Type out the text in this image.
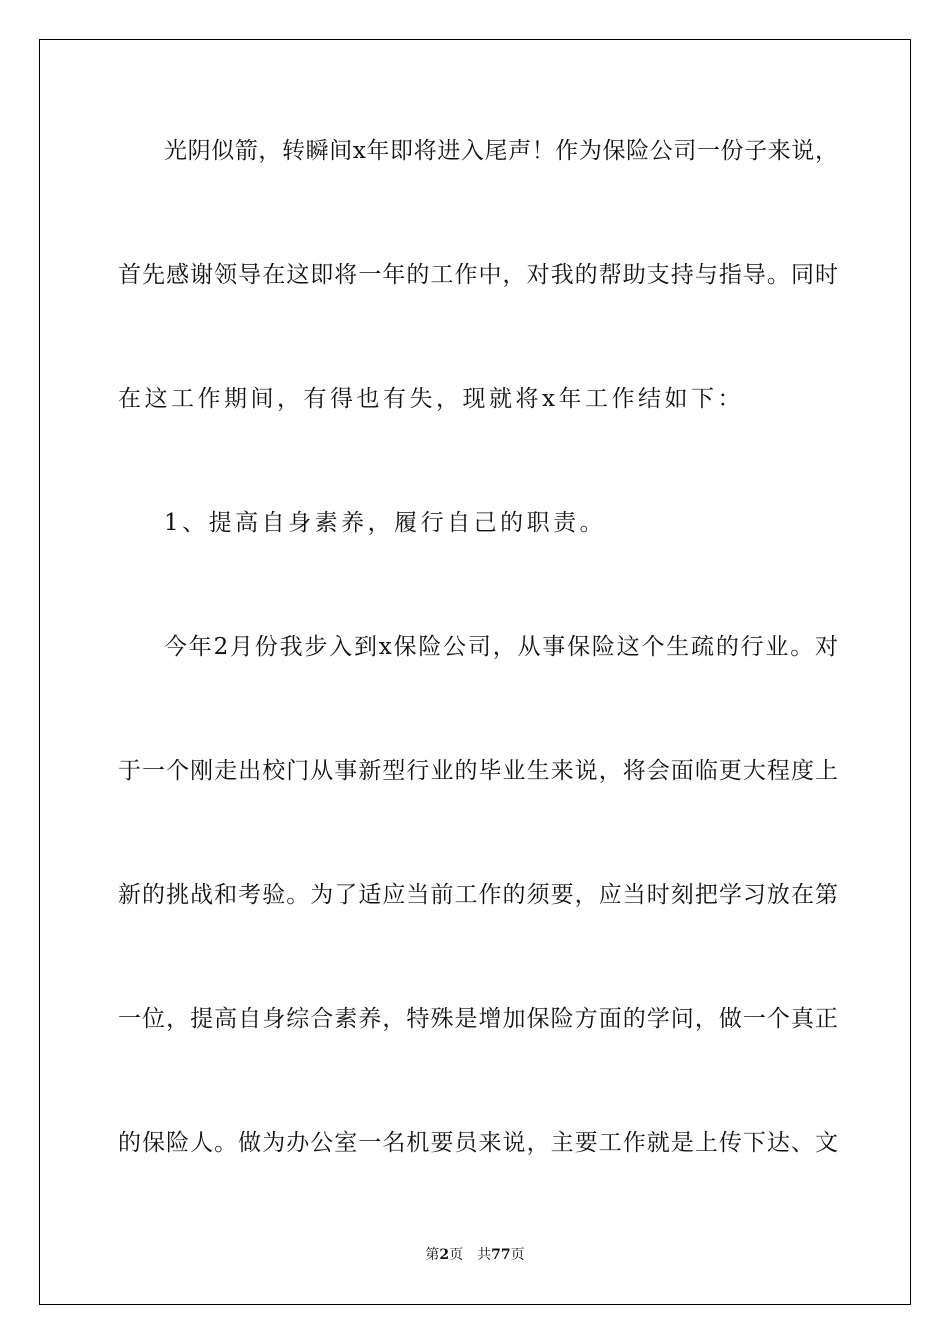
光阴似箭，转瞬间x年即将进入尾声！作为保险公司一份子来说，
首先感谢领导在这即将一年的工作中，对我的帮助支持与指导。同时
在这工作期间，有得也有失，现就将x年工作结如下：
1、提高自身素养，履行自己的职责。
今年2月份我步入到x保险公司，从事保险这个生疏的行业。对
于一个刚走出校门从事新型行业的毕业生来说，将会面临更大程度上
新的挑战和考验。为了适应当前工作的须要，应当时刻把学习放在第
一位，提高自身综合素养，特殊是增加保险方面的学问，做一个真正
的保险人。做为办公室一名机要员来说，主要工作就是上传下达、文
第2页 共77页
